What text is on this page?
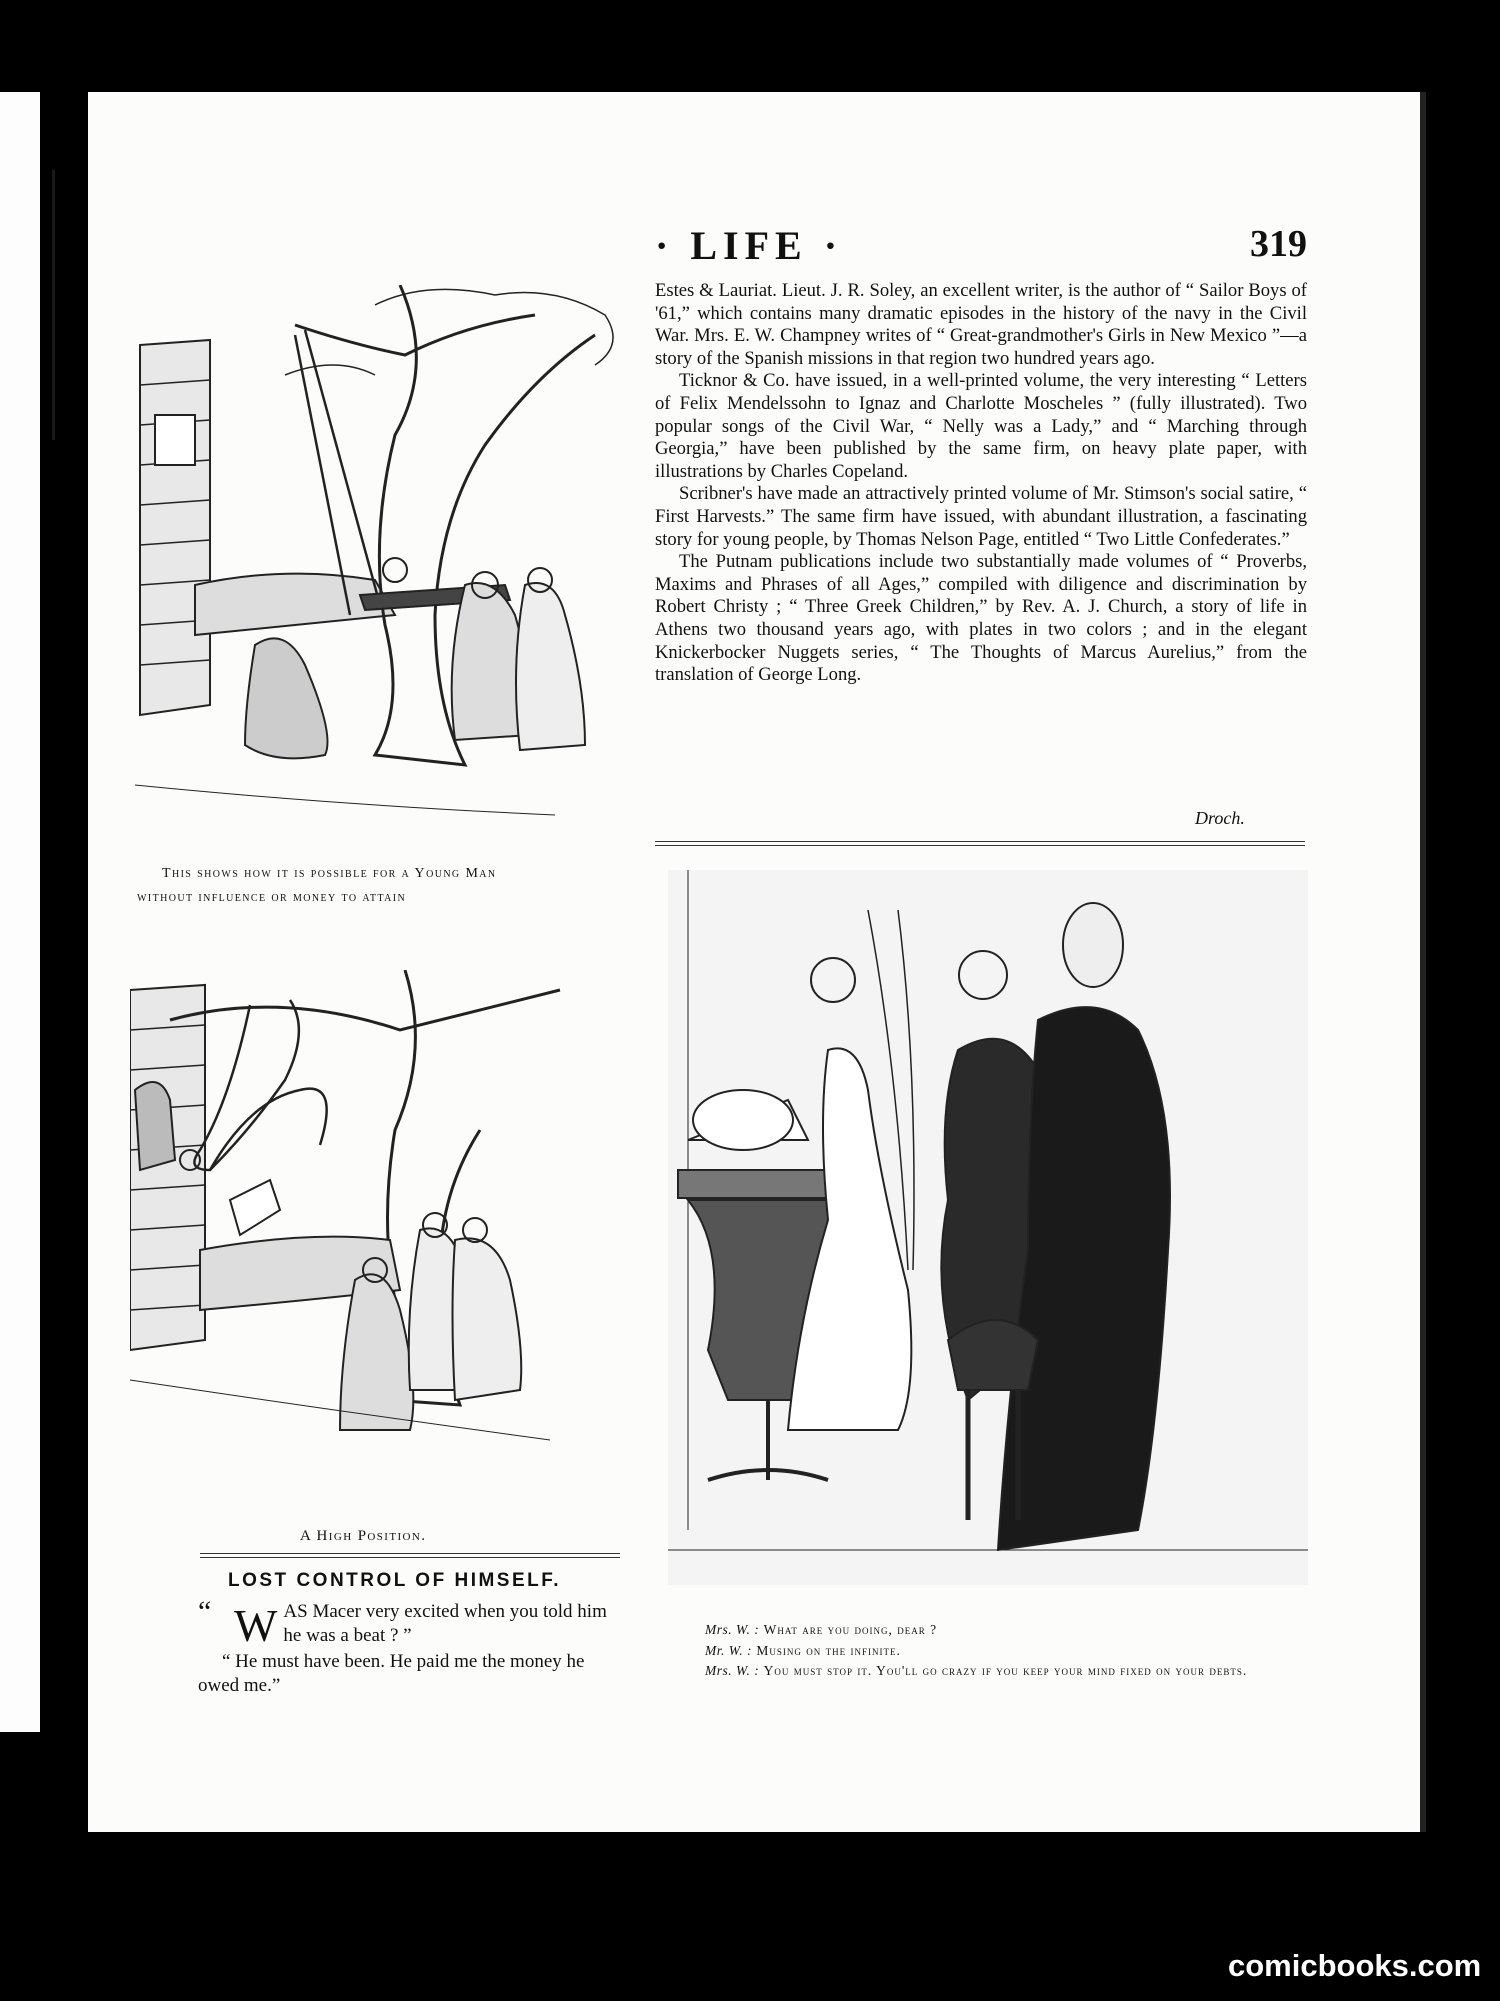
· LIFE ·	319

Estes & Lauriat. Lieut. J. R. Soley, an excellent writer, is the author of “ Sailor Boys of '61,” which contains many dramatic episodes in the history of the navy in the Civil War. Mrs. E. W. Champney writes of “ Great-grandmother's Girls in New Mexico ”—a story of the Spanish missions in that region two hundred years ago.

Ticknor & Co. have issued, in a well-printed volume, the very interesting “ Letters of Felix Mendelssohn to Ignaz and Charlotte Moscheles ” (fully illustrated). Two popular songs of the Civil War, “ Nelly was a Lady,” and “ Marching through Georgia,” have been published by the same firm, on heavy plate paper, with illustrations by Charles Copeland.

Scribner's have made an attractively printed volume of Mr. Stimson's social satire, “ First Harvests.” The same firm have issued, with abundant illustration, a fascinating story for young people, by Thomas Nelson Page, entitled “ Two Little Confederates.”

The Putnam publications include two substantially made volumes of “ Proverbs, Maxims and Phrases of all Ages,” compiled with diligence and discrimination by Robert Christy ; “ Three Greek Children,” by Rev. A. J. Church, a story of life in Athens two thousand years ago, with plates in two colors ; and in the elegant Knickerbocker Nuggets series, “ The Thoughts of Marcus Aurelius,” from the translation of George Long.

Droch.
This shows how it is possible for a Young Man
without influence or money to attain
A High Position.
LOST CONTROL OF HIMSELF.
“ W AS Macer very excited when you told him he was a beat ? ”
“ He must have been. He paid me the money he owed me.”
Mrs. W. : What are you doing, dear ?
Mr. W. : Musing on the infinite.
Mrs. W. : You must stop it. You'll go crazy if you keep your mind fixed on your debts.
comicbooks.com
